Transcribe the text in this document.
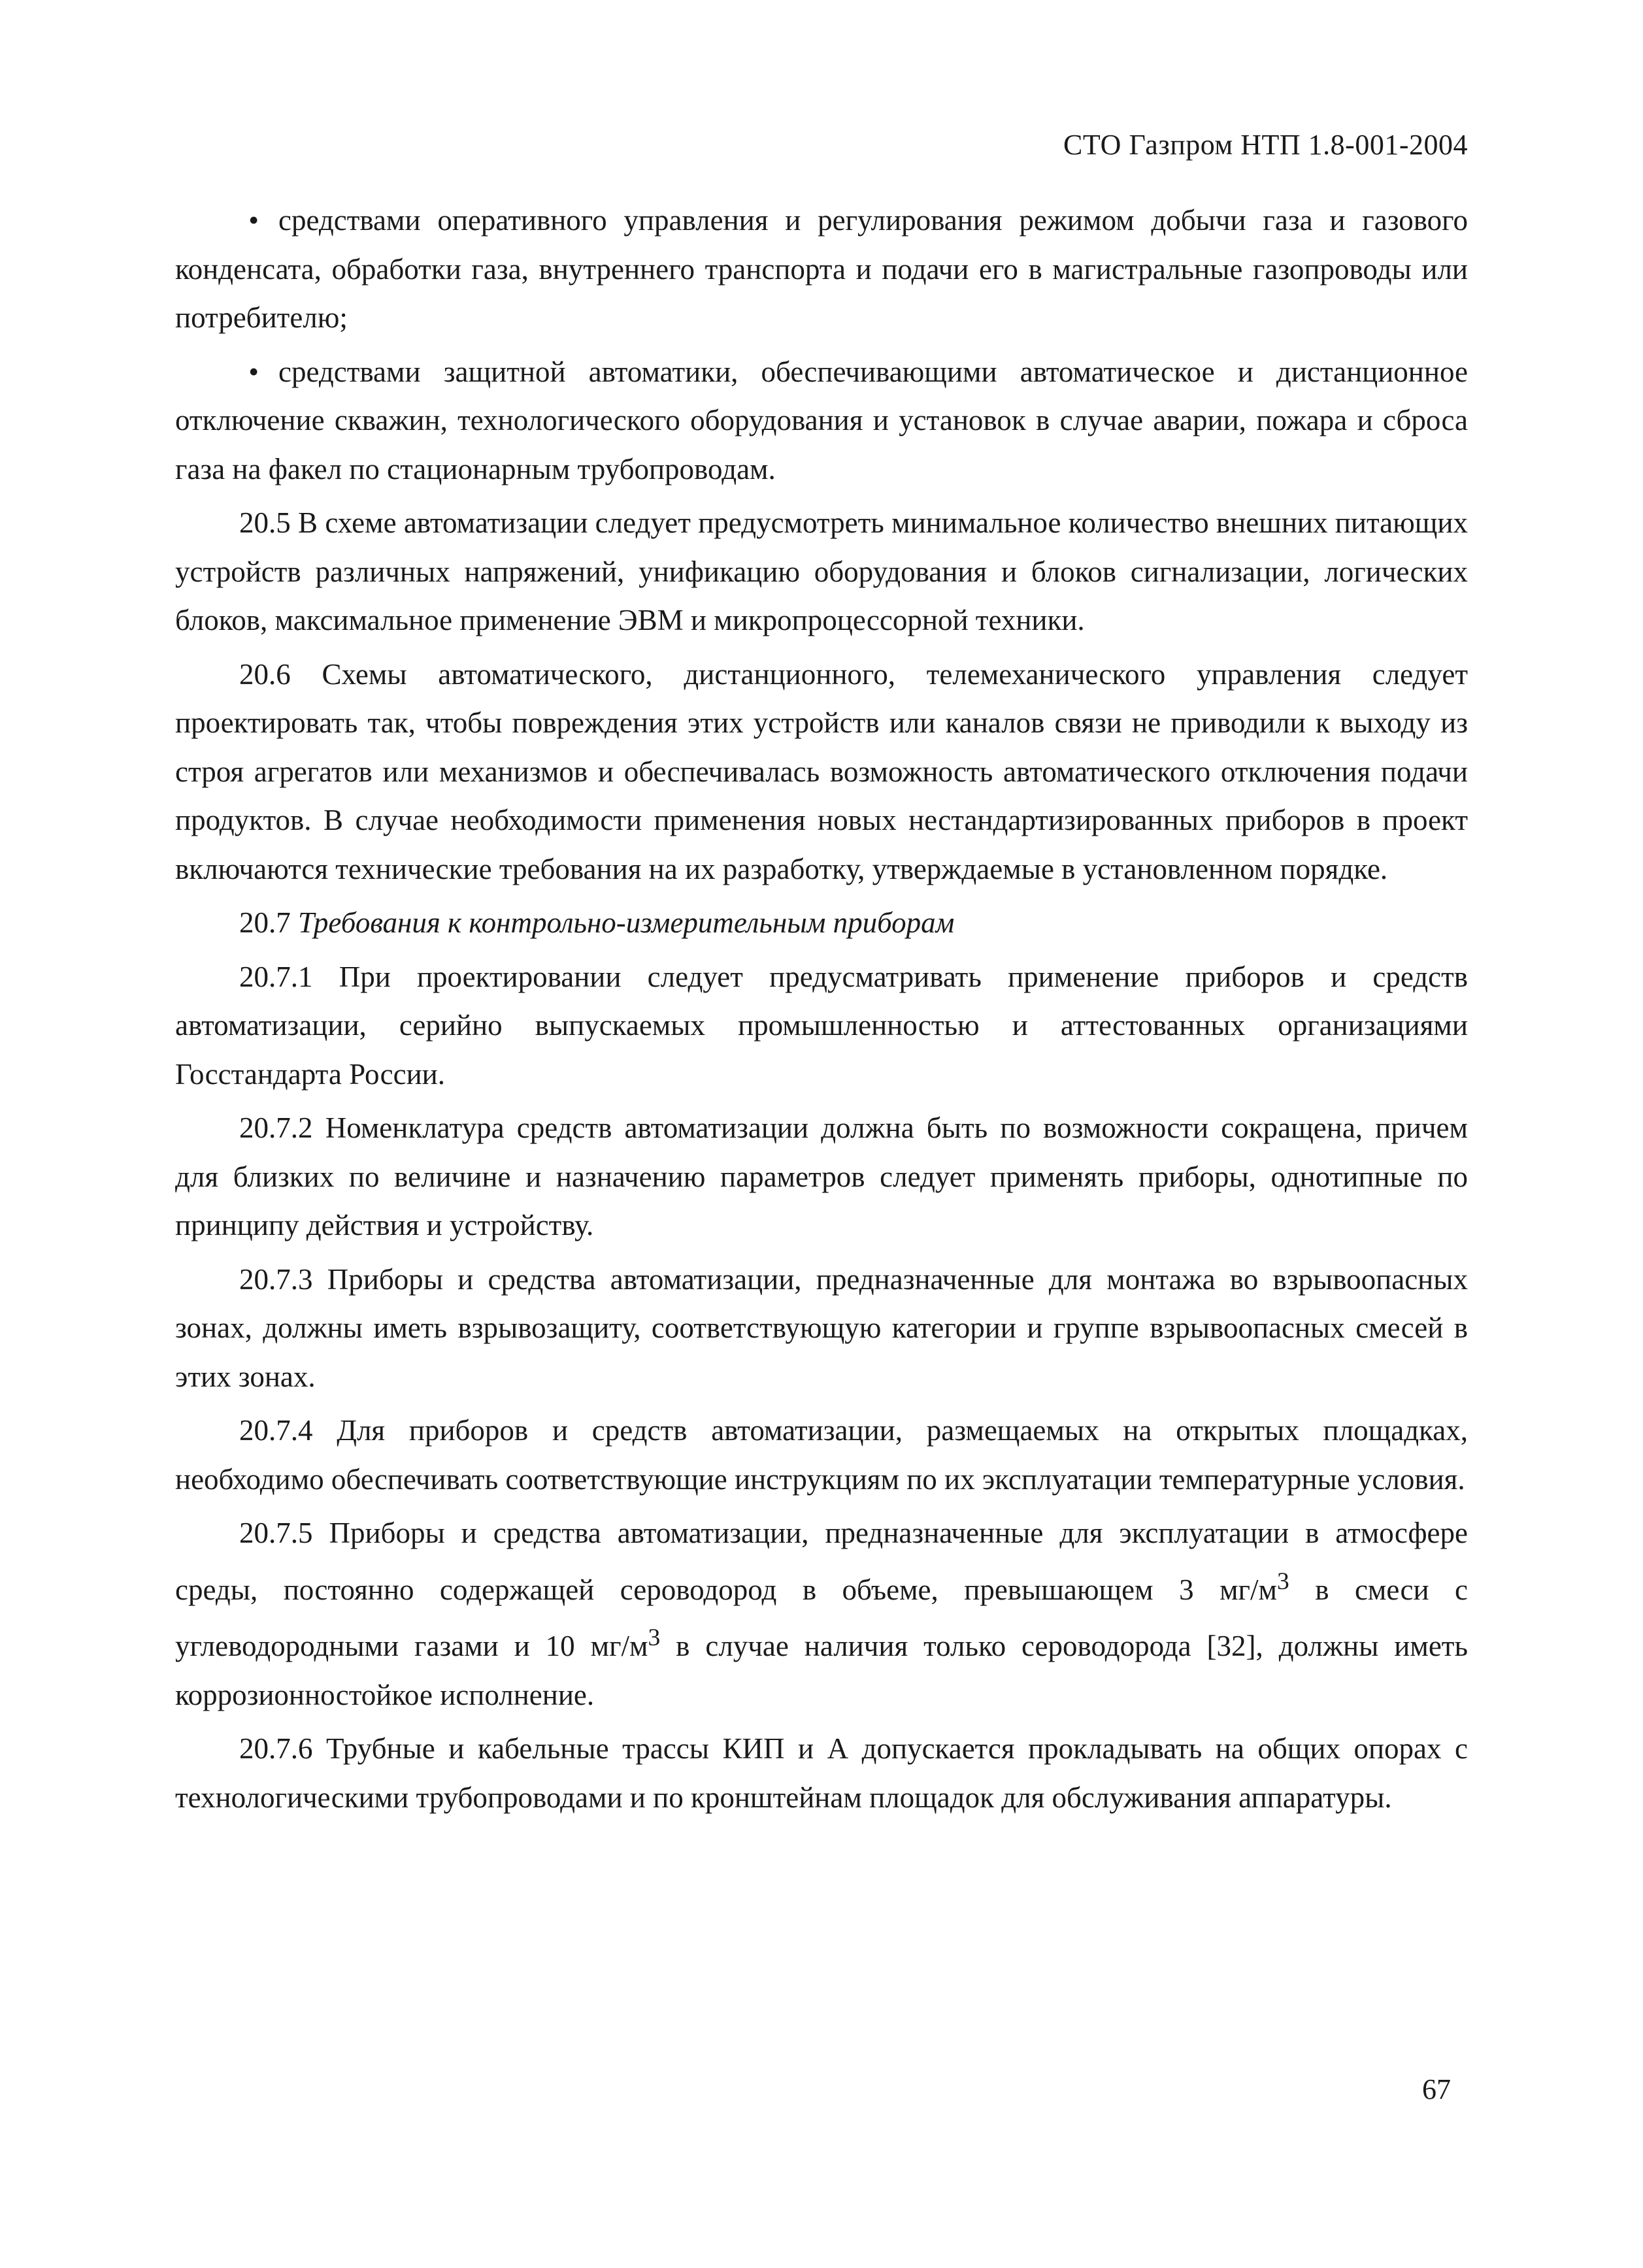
СТО Газпром НТП 1.8-001-2004

• средствами оперативного управления и регулирования режимом добычи газа и газового конденсата, обработки газа, внутреннего транспорта и подачи его в магистральные газопроводы или потребителю;

• средствами защитной автоматики, обеспечивающими автоматическое и дистанционное отключение скважин, технологического оборудования и установок в случае аварии, пожара и сброса газа на факел по стационарным трубопроводам.

20.5 В схеме автоматизации следует предусмотреть минимальное количество внешних питающих устройств различных напряжений, унификацию оборудования и блоков сигнализации, логических блоков, максимальное применение ЭВМ и микропроцессорной техники.

20.6 Схемы автоматического, дистанционного, телемеханического управления следует проектировать так, чтобы повреждения этих устройств или каналов связи не приводили к выходу из строя агрегатов или механизмов и обеспечивалась возможность автоматического отключения подачи продуктов. В случае необходимости применения новых нестандартизированных приборов в проект включаются технические требования на их разработку, утверждаемые в установленном порядке.

20.7 Требования к контрольно-измерительным приборам

20.7.1 При проектировании следует предусматривать применение приборов и средств автоматизации, серийно выпускаемых промышленностью и аттестованных организациями Госстандарта России.

20.7.2 Номенклатура средств автоматизации должна быть по возможности сокращена, причем для близких по величине и назначению параметров следует применять приборы, однотипные по принципу действия и устройству.

20.7.3 Приборы и средства автоматизации, предназначенные для монтажа во взрывоопасных зонах, должны иметь взрывозащиту, соответствующую категории и группе взрывоопасных смесей в этих зонах.

20.7.4 Для приборов и средств автоматизации, размещаемых на открытых площадках, необходимо обеспечивать соответствующие инструкциям по их эксплуатации температурные условия.

20.7.5 Приборы и средства автоматизации, предназначенные для эксплуатации в атмосфере среды, постоянно содержащей сероводород в объеме, превышающем 3 $мг/м^3$ в смеси с углеводородными газами и 10 $мг/м^3$ в случае наличия только сероводорода [32], должны иметь коррозионностойкое исполнение.

20.7.6 Трубные и кабельные трассы КИП и А допускается прокладывать на общих опорах с технологическими трубопроводами и по кронштейнам площадок для обслуживания аппаратуры.

67
